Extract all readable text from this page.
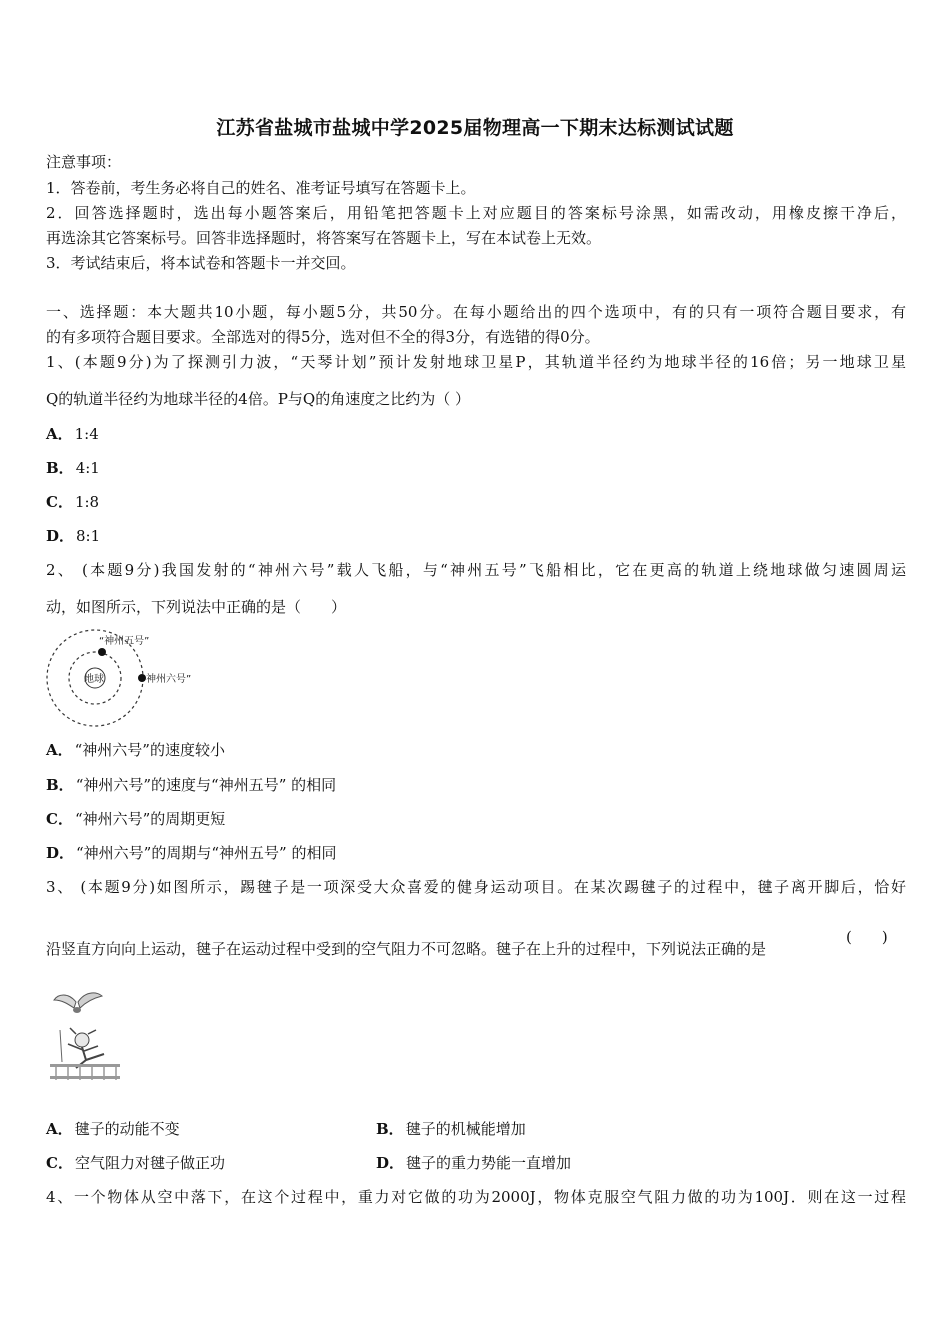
江苏省盐城市盐城中学2025届物理高一下期末达标测试试题
注意事项：
1．答卷前，考生务必将自己的姓名、准考证号填写在答题卡上。
2．回答选择题时，选出每小题答案后，用铅笔把答题卡上对应题目的答案标号涂黑，如需改动，用橡皮擦干净后，
再选涂其它答案标号。回答非选择题时，将答案写在答题卡上，写在本试卷上无效。
3．考试结束后，将本试卷和答题卡一并交回。
一、选择题：本大题共10小题，每小题5分，共50分。在每小题给出的四个选项中，有的只有一项符合题目要求，有
的有多项符合题目要求。全部选对的得5分，选对但不全的得3分，有选错的得0分。
1、(本题9分)为了探测引力波，“天琴计划”预计发射地球卫星P，其轨道半径约为地球半径的16倍；另一地球卫星
Q的轨道半径约为地球半径的4倍。P与Q的角速度之比约为（ ）
A． 1:4
B． 4:1
C． 1:8
D． 8:1
2、 (本题9分)我国发射的“神州六号”载人飞船，与“神州五号”飞船相比，它在更高的轨道上绕地球做匀速圆周运
动，如图所示，下列说法中正确的是（　　）
地球
“神州五号”
神州六号”
A． “神州六号”的速度较小
B． “神州六号”的速度与“神州五号” 的相同
C． “神州六号”的周期更短
D． “神州六号”的周期与“神州五号” 的相同
3、 (本题9分)如图所示，踢毽子是一项深受大众喜爱的健身运动项目。在某次踢毽子的过程中，毽子离开脚后，恰好
沿竖直方向向上运动，毽子在运动过程中受到的空气阻力不可忽略。毽子在上升的过程中，下列说法正确的是
(　　)
A． 毽子的动能不变	B． 毽子的机械能增加
C． 空气阻力对毽子做正功	D． 毽子的重力势能一直增加
4、一个物体从空中落下，在这个过程中，重力对它做的功为2000J，物体克服空气阻力做的功为100J．则在这一过程
